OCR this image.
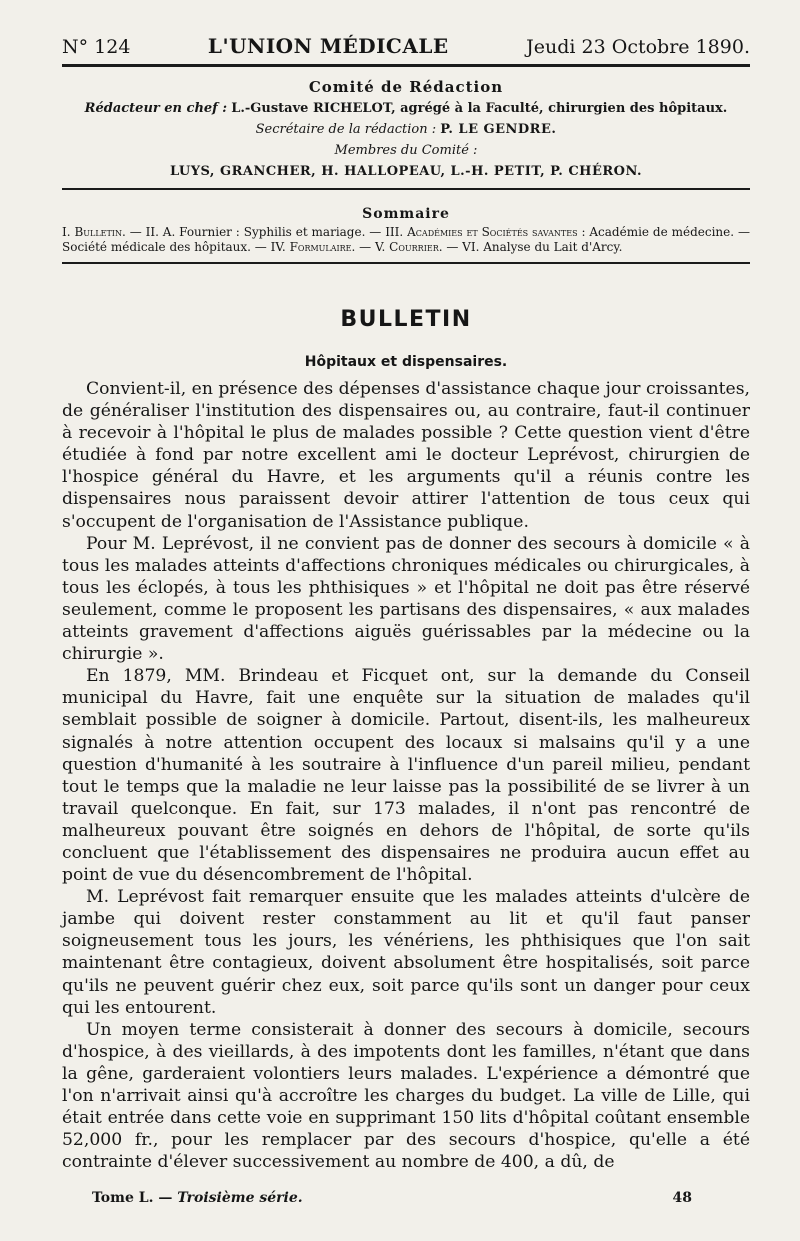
N° 124	L'UNION MÉDICALE	Jeudi 23 Octobre 1890.
Comité de Rédaction
Rédacteur en chef : L.-Gustave RICHELOT, agrégé à la Faculté, chirurgien des hôpitaux.
Secrétaire de la rédaction : P. LE GENDRE.
Membres du Comité :
LUYS, GRANCHER, H. HALLOPEAU, L.-H. PETIT, P. CHÉRON.
Sommaire
I. Bulletin. — II. A. Fournier : Syphilis et mariage. — III. Académies et Sociétés savantes : Académie de médecine. — Société médicale des hôpitaux. — IV. Formulaire. — V. Courrier. — VI. Analyse du Lait d'Arcy.
BULLETIN
Hôpitaux et dispensaires.

Convient-il, en présence des dépenses d'assistance chaque jour croissantes, de généraliser l'institution des dispensaires ou, au contraire, faut-il continuer à recevoir à l'hôpital le plus de malades possible ? Cette question vient d'être étudiée à fond par notre excellent ami le docteur Leprévost, chirurgien de l'hospice général du Havre, et les arguments qu'il a réunis contre les dispensaires nous paraissent devoir attirer l'attention de tous ceux qui s'occupent de l'organisation de l'Assistance publique.

Pour M. Leprévost, il ne convient pas de donner des secours à domicile « à tous les malades atteints d'affections chroniques médicales ou chirurgicales, à tous les éclopés, à tous les phthisiques » et l'hôpital ne doit pas être réservé seulement, comme le proposent les partisans des dispensaires, « aux malades atteints gravement d'affections aiguës guérissables par la médecine ou la chirurgie ».

En 1879, MM. Brindeau et Ficquet ont, sur la demande du Conseil municipal du Havre, fait une enquête sur la situation de malades qu'il semblait possible de soigner à domicile. Partout, disent-ils, les malheureux signalés à notre attention occupent des locaux si malsains qu'il y a une question d'humanité à les soutraire à l'influence d'un pareil milieu, pendant tout le temps que la maladie ne leur laisse pas la possibilité de se livrer à un travail quelconque. En fait, sur 173 malades, il n'ont pas rencontré de malheureux pouvant être soignés en dehors de l'hôpital, de sorte qu'ils concluent que l'établissement des dispensaires ne produira aucun effet au point de vue du désencombrement de l'hôpital.

M. Leprévost fait remarquer ensuite que les malades atteints d'ulcère de jambe qui doivent rester constamment au lit et qu'il faut panser soigneusement tous les jours, les vénériens, les phthisiques que l'on sait maintenant être contagieux, doivent absolument être hospitalisés, soit parce qu'ils ne peuvent guérir chez eux, soit parce qu'ils sont un danger pour ceux qui les entourent.

Un moyen terme consisterait à donner des secours à domicile, secours d'hospice, à des vieillards, à des impotents dont les familles, n'étant que dans la gêne, garderaient volontiers leurs malades. L'expérience a démontré que l'on n'arrivait ainsi qu'à accroître les charges du budget. La ville de Lille, qui était entrée dans cette voie en supprimant 150 lits d'hôpital coûtant ensemble 52,000 fr., pour les remplacer par des secours d'hospice, qu'elle a été contrainte d'élever successivement au nombre de 400, a dû, de

Tome L. — Troisième série.	48
